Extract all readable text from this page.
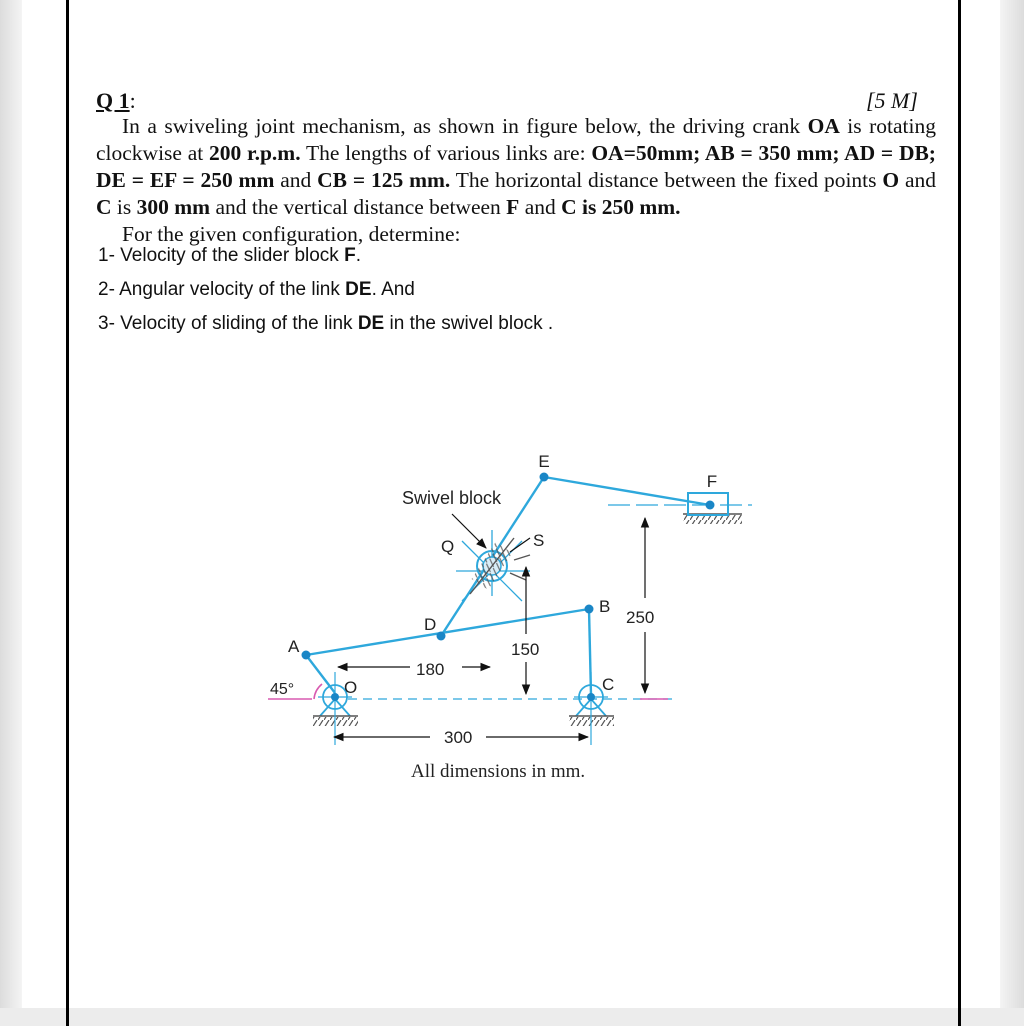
Q 1:	[5 M]

In a swiveling joint mechanism, as shown in figure below, the driving crank OA is rotating clockwise at 200 r.p.m. The lengths of various links are: OA=50mm; AB = 350 mm; AD = DB; DE = EF = 250 mm and CB = 125 mm. The horizontal distance between the fixed points O and C is 300 mm and the vertical distance between F and C is 250 mm.

For the given configuration, determine:

1- Velocity of the slider block F.
2- Angular velocity of the link DE. And
3- Velocity of sliding of the link DE in the swivel block .
E
F
Swivel block
S
Q
B
D	250
150
A
180
45°	O	C
300
All dimensions in mm.
